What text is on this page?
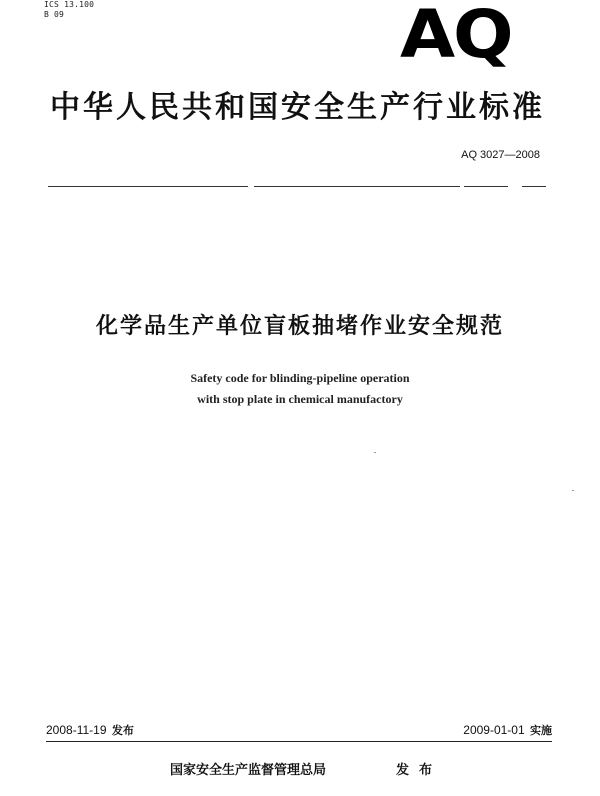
ICS 13.100
B 09	AQ
中华人民共和国安全生产行业标准
AQ 3027—2008
化学品生产单位盲板抽堵作业安全规范
Safety code for blinding-pipeline operation
with stop plate in chemical manufactory
2008-11-19 发布	2009-01-01 实施
国家安全生产监督管理总局	发布
